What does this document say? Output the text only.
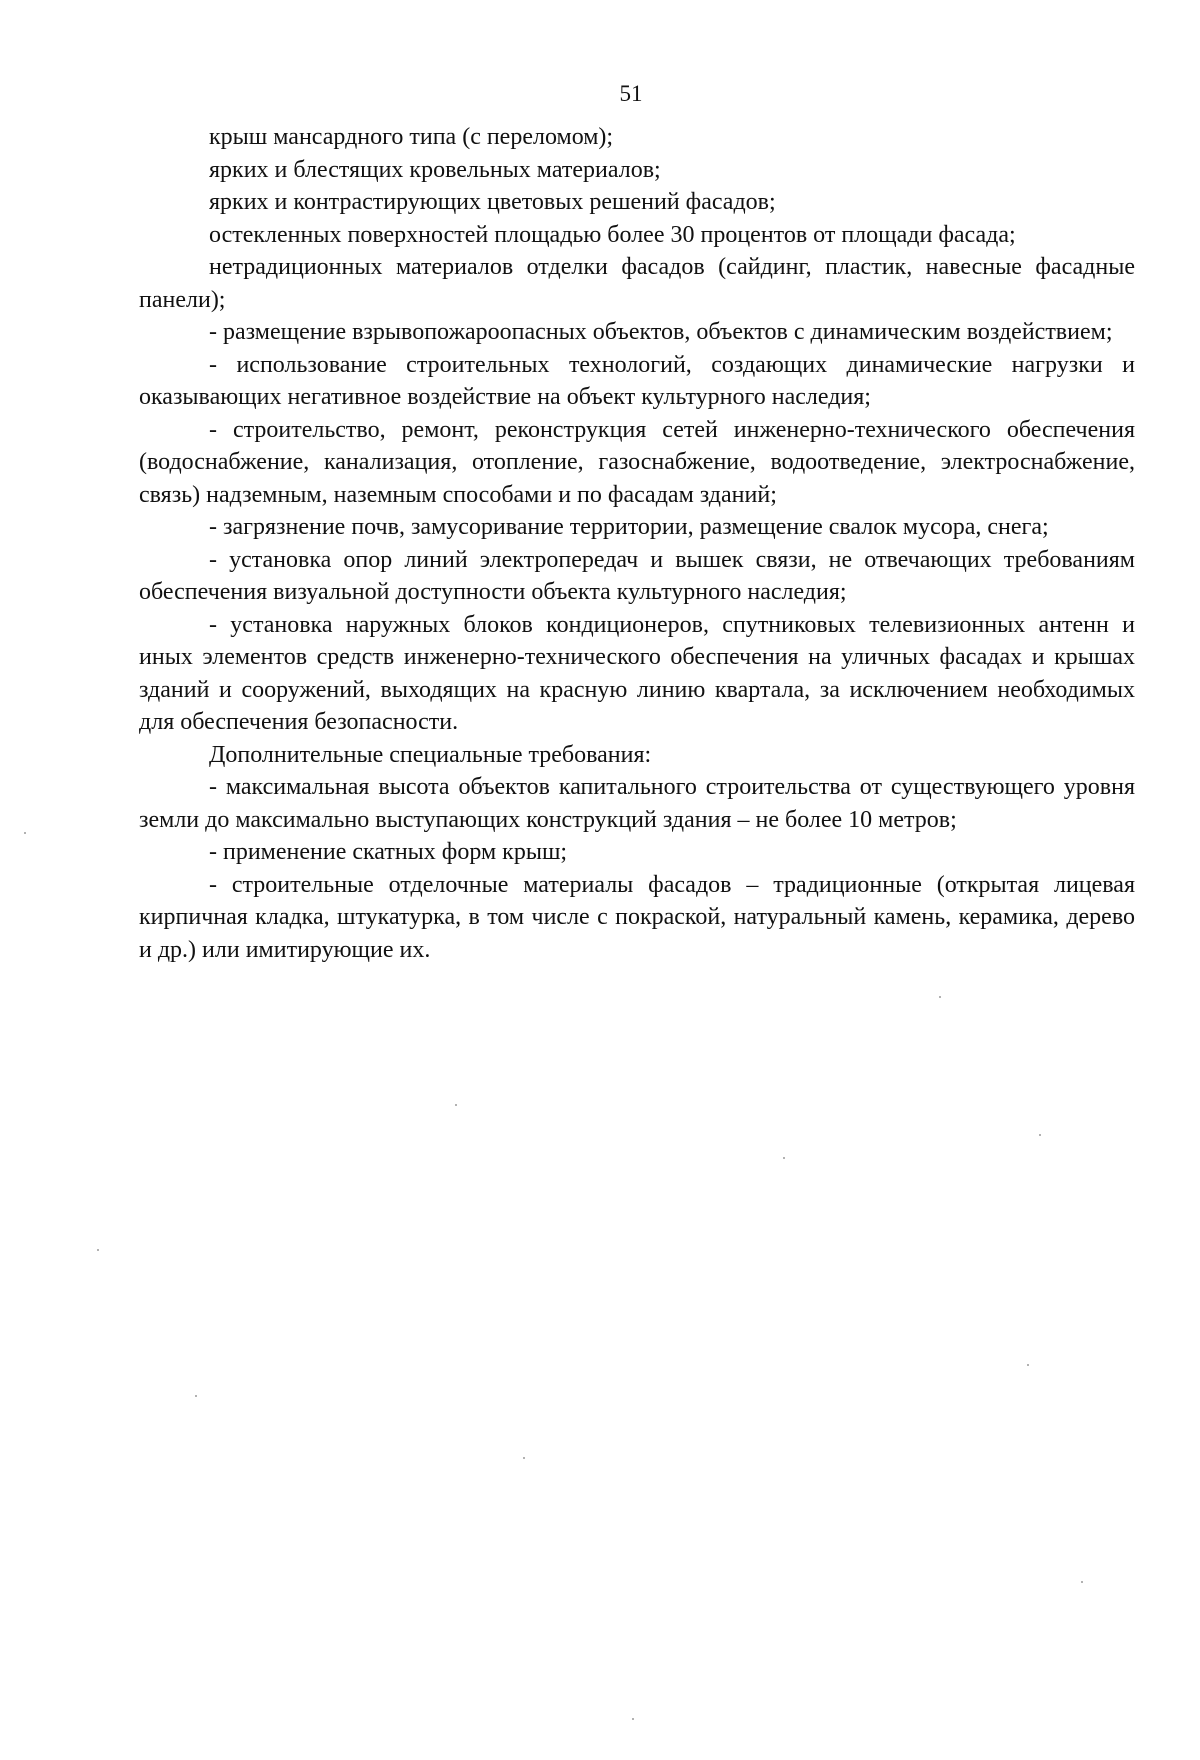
51

крыш мансардного типа (с переломом);

ярких и блестящих кровельных материалов;

ярких и контрастирующих цветовых решений фасадов;

остекленных поверхностей площадью более 30 процентов от площади фасада;

нетрадиционных материалов отделки фасадов (сайдинг, пластик, навесные фасадные панели);

- размещение взрывопожароопасных объектов, объектов с динамическим воздействием;

- использование строительных технологий, создающих динамические нагрузки и оказывающих негативное воздействие на объект культурного наследия;

- строительство, ремонт, реконструкция сетей инженерно-технического обеспечения (водоснабжение, канализация, отопление, газоснабжение, водоотведение, электроснабжение, связь) надземным, наземным способами и по фасадам зданий;

- загрязнение почв, замусоривание территории, размещение свалок мусора, снега;

- установка опор линий электропередач и вышек связи, не отвечающих требованиям обеспечения визуальной доступности объекта культурного наследия;

- установка наружных блоков кондиционеров, спутниковых телевизионных антенн и иных элементов средств инженерно-технического обеспечения на уличных фасадах и крышах зданий и сооружений, выходящих на красную линию квартала, за исключением необходимых для обеспечения безопасности.

Дополнительные специальные требования:

- максимальная высота объектов капитального строительства от существующего уровня земли до максимально выступающих конструкций здания – не более 10 метров;

- применение скатных форм крыш;

- строительные отделочные материалы фасадов – традиционные (открытая лицевая кирпичная кладка, штукатурка, в том числе с покраской, натуральный камень, керамика, дерево и др.) или имитирующие их.
